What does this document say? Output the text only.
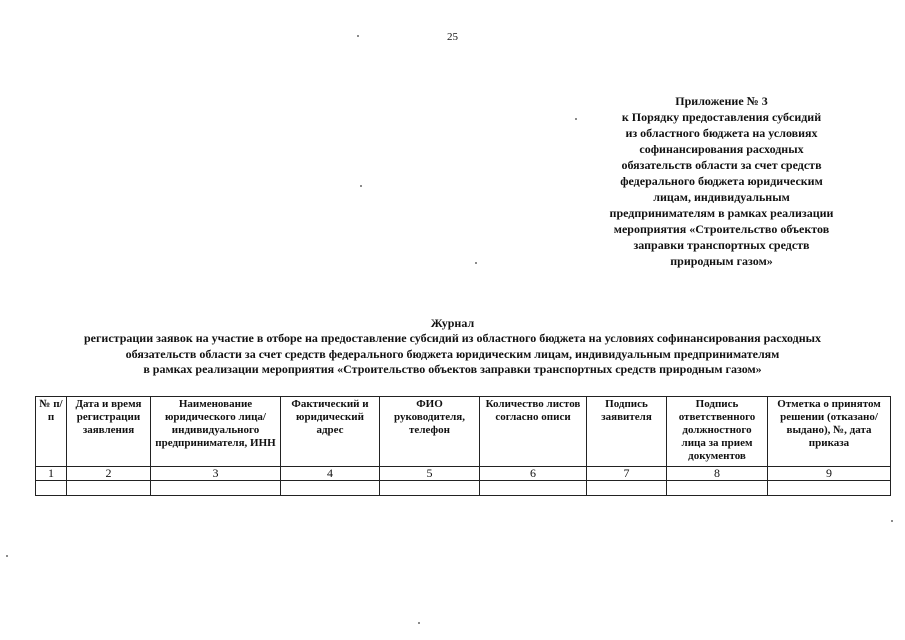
25
Приложение № 3
к Порядку предоставления субсидий
из областного бюджета на условиях
софинансирования расходных
обязательств области за счет средств
федерального бюджета юридическим
лицам, индивидуальным
предпринимателям в рамках реализации
мероприятия «Строительство объектов
заправки транспортных средств
природным газом»
Журнал
регистрации заявок на участие в отборе на предоставление субсидий из областного бюджета на условиях софинансирования расходных
обязательств области за счет средств федерального бюджета юридическим лицам, индивидуальным предпринимателям
в рамках реализации мероприятия «Строительство объектов заправки транспортных средств природным газом»
№ п/п	Дата и время регистрации заявления	Наименование юридического лица/ индивидуального предпринимателя, ИНН	Фактический и юридический адрес	ФИО руководителя, телефон	Количество листов согласно описи	Подпись заявителя	Подпись ответственного должностного лица за прием документов	Отметка о принятом решении (отказано/выдано), №, дата приказа
1	2	3	4	5	6	7	8	9
